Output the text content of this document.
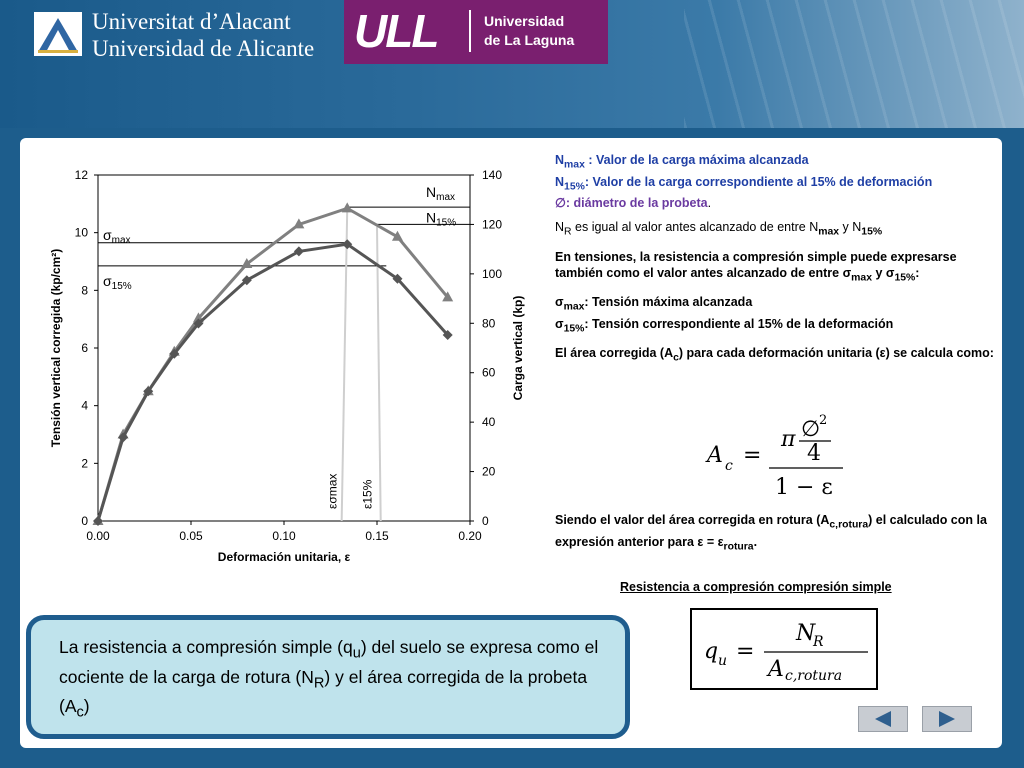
Universitat d’Alacant
Universidad de Alicante ULL	Universidad
de La Laguna
0.00	0.05	0.10	0.15	0.20
0
2
4
6
8
10
12
0
20
40
60
80
100
120
140
Deformación unitaria, ε
Tensión vertical corregida (kp/cm²)	Carga vertical (kp)
$N_{max}$
$N_{15\%}$
$\sigma_{max}$
$\sigma_{15\%}$
εσmax ε15%

$N_{max}$ : Valor de la carga máxima alcanzada
$N_{15\%}$: Valor de la carga correspondiente al 15% de deformación
∅: diámetro de la probeta.

$N_R$ es igual al valor antes alcanzado de entre $N_{max}$ y $N_{15\%}$

En tensiones, la resistencia a compresión simple puede expresarse también como el valor antes alcanzado de entre $\sigma_{max}$ y $\sigma_{15\%}$:

$\sigma_{max}$: Tensión máxima alcanzada
$\sigma_{15\%}$: Tensión correspondiente al 15% de la deformación

El área corregida $(A_c)$ para cada deformación unitaria (ε) se calcula como:

A c =
π ∅
2
4
1 − ε
Siendo el valor del área corregida en rotura $(A_{c,rotura})$ el calculado con la expresión anterior para $\varepsilon = \varepsilon_{rotura}$.
Resistencia a compresión compresión simple
q u =
N
R
A c,rotura
La resistencia a compresión simple $(q_u)$ del suelo se expresa como el cociente de la carga de rotura $(N_R)$ y el área corregida de la probeta $(A_c)$
